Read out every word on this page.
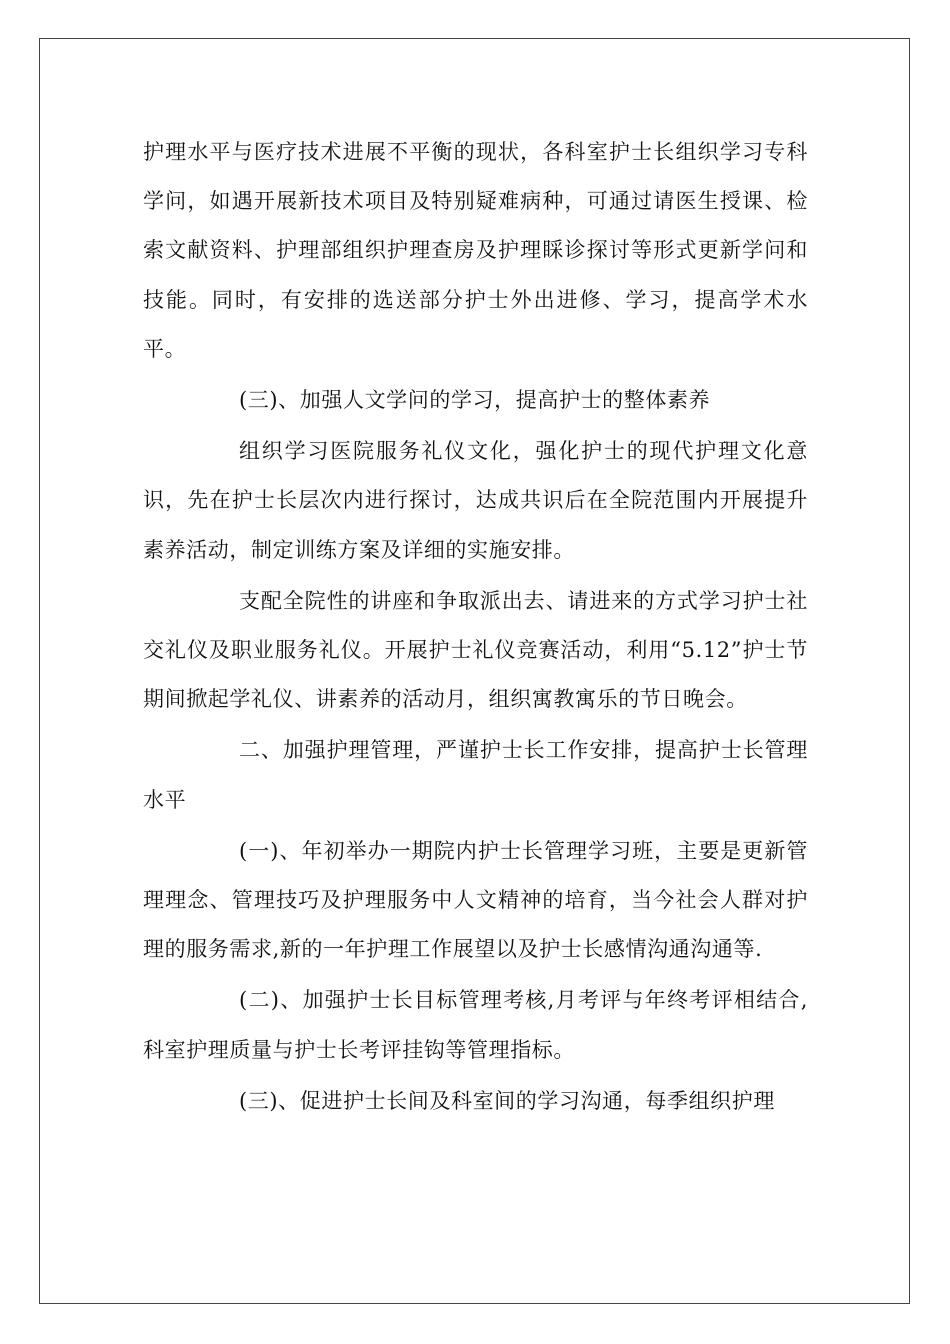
护理水平与医疗技术进展不平衡的现状，各科室护士长组织学习专科学问，如遇开展新技术项目及特别疑难病种，可通过请医生授课、检索文献资料、护理部组织护理查房及护理睬诊探讨等形式更新学问和技能。同时，有安排的选送部分护士外出进修、学习，提高学术水平。

(三)、加强人文学问的学习，提高护士的整体素养

组织学习医院服务礼仪文化，强化护士的现代护理文化意识，先在护士长层次内进行探讨，达成共识后在全院范围内开展提升素养活动，制定训练方案及详细的实施安排。

支配全院性的讲座和争取派出去、请进来的方式学习护士社交礼仪及职业服务礼仪。开展护士礼仪竞赛活动，利用“5.12”护士节期间掀起学礼仪、讲素养的活动月，组织寓教寓乐的节日晚会。

二、加强护理管理，严谨护士长工作安排，提高护士长管理水平

(一)、年初举办一期院内护士长管理学习班，主要是更新管理理念、管理技巧及护理服务中人文精神的培育，当今社会人群对护理的服务需求,新的一年护理工作展望以及护士长感情沟通沟通等.

(二)、加强护士长目标管理考核,月考评与年终考评相结合,科室护理质量与护士长考评挂钩等管理指标。

(三)、促进护士长间及科室间的学习沟通，每季组织护理
